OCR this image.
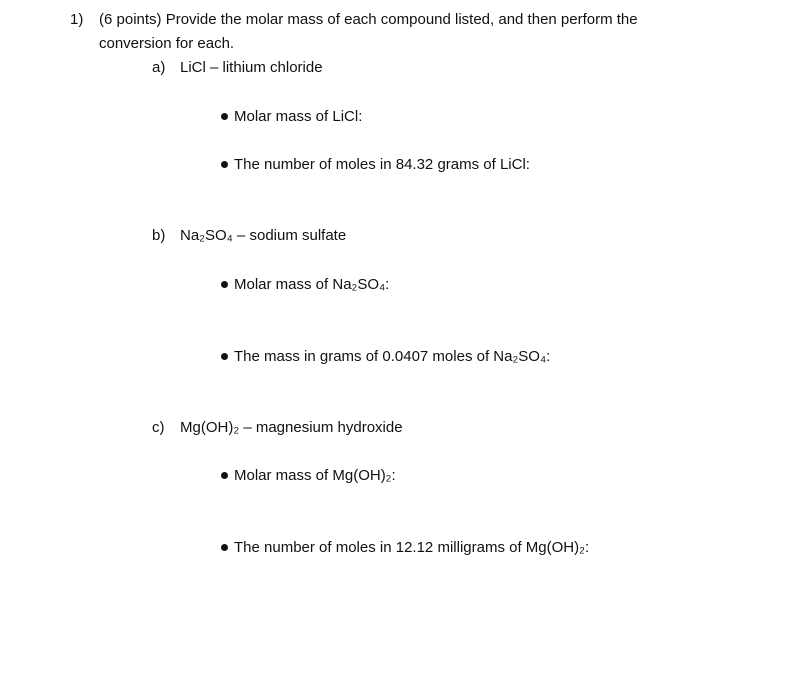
1) (6 points) Provide the molar mass of each compound listed, and then perform the
conversion for each.
a) LiCl – lithium chloride
Molar mass of LiCl:
The number of moles in 84.32 grams of LiCl:
b) Na₂SO₄ – sodium sulfate
Molar mass of Na₂SO₄:
The mass in grams of 0.0407 moles of Na₂SO₄:
c) Mg(OH)₂ – magnesium hydroxide
Molar mass of Mg(OH)₂:
The number of moles in 12.12 milligrams of Mg(OH)₂:
